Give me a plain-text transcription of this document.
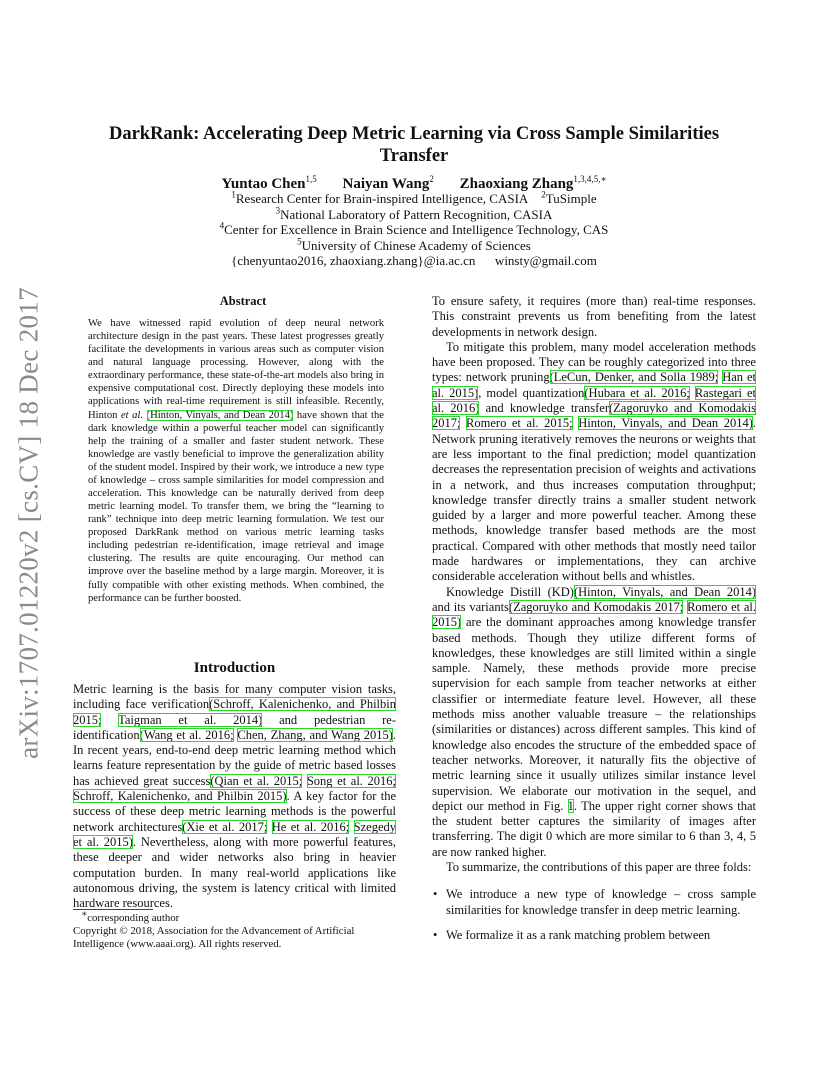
arXiv:1707.01220v2 [cs.CV] 18 Dec 2017
DarkRank: Accelerating Deep Metric Learning via Cross Sample Similarities Transfer
Yuntao Chen$^{1,5}$ Naiyan Wang$^2$ Zhaoxiang Zhang$^{1,3,4,5,∗}$
$^1$Research Center for Brain-inspired Intelligence, CASIA $^2$TuSimple
$^3$National Laboratory of Pattern Recognition, CASIA
$^4$Center for Excellence in Brain Science and Intelligence Technology, CAS
$^5$University of Chinese Academy of Sciences
{chenyuntao2016, zhaoxiang.zhang}@ia.ac.cn      winsty@gmail.com
Abstract
We have witnessed rapid evolution of deep neural network architecture design in the past years. These latest progresses greatly facilitate the developments in various areas such as computer vision and natural language processing. However, along with the extraordinary performance, these state-of-the-art models also bring in expensive computational cost. Directly deploying these models into applications with real-time requirement is still infeasible. Recently, Hinton et al. (Hinton, Vinyals, and Dean 2014) have shown that the dark knowledge within a powerful teacher model can significantly help the training of a smaller and faster student network. These knowledge are vastly beneficial to improve the generalization ability of the student model. Inspired by their work, we introduce a new type of knowledge – cross sample similarities for model compression and acceleration. This knowledge can be naturally derived from deep metric learning model. To transfer them, we bring the “learning to rank” technique into deep metric learning formulation. We test our proposed DarkRank method on various metric learning tasks including pedestrian re-identification, image retrieval and image clustering. The results are quite encouraging. Our method can improve over the baseline method by a large margin. Moreover, it is fully compatible with other existing methods. When combined, the performance can be further boosted.
Introduction
Metric learning is the basis for many computer vision tasks, including face verification(Schroff, Kalenichenko, and Philbin 2015; Taigman et al. 2014) and pedestrian re-identification(Wang et al. 2016; Chen, Zhang, and Wang 2015). In recent years, end-to-end deep metric learning method which learns feature representation by the guide of metric based losses has achieved great success(Qian et al. 2015; Song et al. 2016; Schroff, Kalenichenko, and Philbin 2015). A key factor for the success of these deep metric learning methods is the powerful network architectures(Xie et al. 2017; He et al. 2016; Szegedy et al. 2015). Nevertheless, along with more powerful features, these deeper and wider networks also bring in heavier computation burden. In many real-world applications like autonomous driving, the system is latency critical with limited hardware resources.
∗corresponding author
Copyright © 2018, Association for the Advancement of Artificial Intelligence (www.aaai.org). All rights reserved.

To ensure safety, it requires (more than) real-time responses. This constraint prevents us from benefiting from the latest developments in network design.

To mitigate this problem, many model acceleration methods have been proposed. They can be roughly categorized into three types: network pruning(LeCun, Denker, and Solla 1989; Han et al. 2015), model quantization(Hubara et al. 2016; Rastegari et al. 2016) and knowledge transfer(Zagoruyko and Komodakis 2017; Romero et al. 2015; Hinton, Vinyals, and Dean 2014). Network pruning iteratively removes the neurons or weights that are less important to the final prediction; model quantization decreases the representation precision of weights and activations in a network, and thus increases computation throughput; knowledge transfer directly trains a smaller student network guided by a larger and more powerful teacher. Among these methods, knowledge transfer based methods are the most practical. Compared with other methods that mostly need tailor made hardwares or implementations, they can archive considerable acceleration without bells and whistles.

Knowledge Distill (KD)(Hinton, Vinyals, and Dean 2014) and its variants(Zagoruyko and Komodakis 2017; Romero et al. 2015) are the dominant approaches among knowledge transfer based methods. Though they utilize different forms of knowledges, these knowledges are still limited within a single sample. Namely, these methods provide more precise supervision for each sample from teacher networks at either classifier or intermediate feature level. However, all these methods miss another valuable treasure – the relationships (similarities or distances) across different samples. This kind of knowledge also encodes the structure of the embedded space of teacher networks. Moreover, it naturally fits the objective of metric learning since it usually utilizes similar instance level supervision. We elaborate our motivation in the sequel, and depict our method in Fig. 1. The upper right corner shows that the student better captures the similarity of images after transferring. The digit 0 which are more similar to 6 than 3, 4, 5 are now ranked higher.

To summarize, the contributions of this paper are three folds:

• We introduce a new type of knowledge – cross sample similarities for knowledge transfer in deep metric learning.
• We formalize it as a rank matching problem between
